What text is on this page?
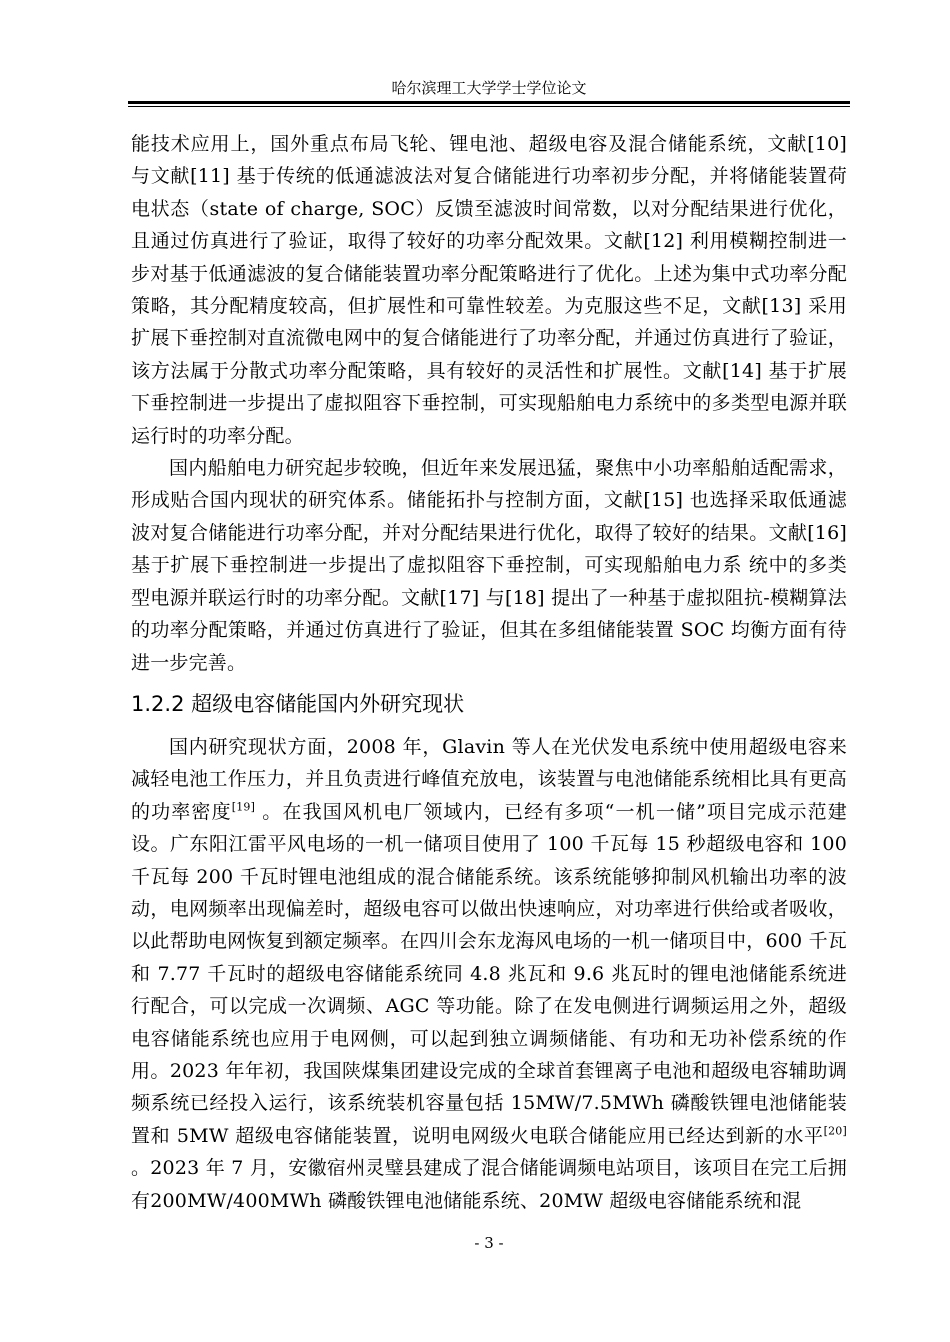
哈尔滨理工大学学士学位论文

能技术应用上，国外重点布局飞轮、锂电池、超级电容及混合储能系统，文献[10] 与文献[11] 基于传统的低通滤波法对复合储能进行功率初步分配，并将储能装置荷电状态（state of charge, SOC）反馈至滤波时间常数，以对分配结果进行优化，且通过仿真进行了验证，取得了较好的功率分配效果。文献[12] 利用模糊控制进一步对基于低通滤波的复合储能装置功率分配策略进行了优化。上述为集中式功率分配策略，其分配精度较高，但扩展性和可靠性较差。为克服这些不足，文献[13] 采用扩展下垂控制对直流微电网中的复合储能进行了功率分配，并通过仿真进行了验证，该方法属于分散式功率分配策略，具有较好的灵活性和扩展性。文献[14] 基于扩展下垂控制进一步提出了虚拟阻容下垂控制，可实现船舶电力系统中的多类型电源并联运行时的功率分配。

国内船舶电力研究起步较晚，但近年来发展迅猛，聚焦中小功率船舶适配需求，形成贴合国内现状的研究体系。储能拓扑与控制方面，文献[15] 也选择采取低通滤波对复合储能进行功率分配，并对分配结果进行优化，取得了较好的结果。文献[16] 基于扩展下垂控制进一步提出了虚拟阻容下垂控制，可实现船舶电力系 统中的多类型电源并联运行时的功率分配。文献[17] 与[18] 提出了一种基于虚拟阻抗-模糊算法的功率分配策略，并通过仿真进行了验证，但其在多组储能装置 SOC 均衡方面有待进一步完善。

1.2.2 超级电容储能国内外研究现状

国内研究现状方面，2008 年，Glavin 等人在光伏发电系统中使用超级电容来减轻电池工作压力，并且负责进行峰值充放电，该装置与电池储能系统相比具有更高的功率密度[19] 。在我国风机电厂领域内，已经有多项“一机一储”项目完成示范建设。广东阳江雷平风电场的一机一储项目使用了 100 千瓦每 15 秒超级电容和 100 千瓦每 200 千瓦时锂电池组成的混合储能系统。该系统能够抑制风机输出功率的波动，电网频率出现偏差时，超级电容可以做出快速响应，对功率进行供给或者吸收，以此帮助电网恢复到额定频率。在四川会东龙海风电场的一机一储项目中，600 千瓦和 7.77 千瓦时的超级电容储能系统同 4.8 兆瓦和 9.6 兆瓦时的锂电池储能系统进行配合，可以完成一次调频、AGC 等功能。除了在发电侧进行调频运用之外，超级电容储能系统也应用于电网侧，可以起到独立调频储能、有功和无功补偿系统的作用。2023 年年初，我国陕煤集团建设完成的全球首套锂离子电池和超级电容辅助调频系统已经投入运行，该系统装机容量包括 15MW/7.5MWh 磷酸铁锂电池储能装置和 5MW 超级电容储能装置，说明电网级火电联合储能应用已经达到新的水平[20] 。2023 年 7 月，安徽宿州灵璧县建成了混合储能调频电站项目，该项目在完工后拥有200MW/400MWh 磷酸铁锂电池储能系统、20MW 超级电容储能系统和混

- 3 -
